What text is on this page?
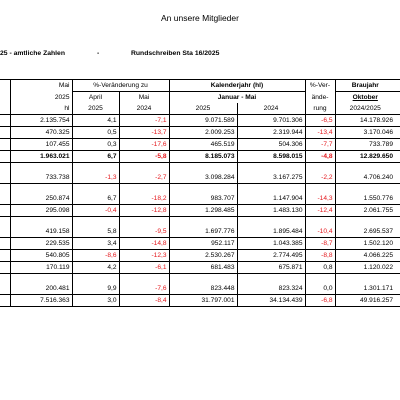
An unsere Mitglieder
25 - amtliche Zahlen	-	Rundschreiben Sta 16/2025
	Mai	%-Veränderung zu		Kalenderjahr (hl)		%-Ver-	Braujahr	
	2025	April	Mai	Januar - Mai		ände-	Oktober	
	hl	2025	2024	2025	2024	rung	2024/2025	
	2.135.754	4,1	-7,1	9.071.589	9.701.306	-6,5	14.178.926	
	470.325	0,5	-13,7	2.009.253	2.319.944	-13,4	3.170.046	
	107.455	0,3	-17,6	465.519	504.306	-7,7	733.789	
	1.963.021	6,7	-5,8	8.185.073	8.598.015	-4,8	12.829.650	

	733.738	-1,3	-2,7	3.098.284	3.167.275	-2,2	4.706.240	

	250.874	6,7	-18,2	983.707	1.147.904	-14,3	1.550.776	
	295.098	-0,4	-12,8	1.298.485	1.483.130	-12,4	2.061.755	

	419.158	5,8	-9,5	1.697.776	1.895.484	-10,4	2.695.537	
	229.535	3,4	-14,8	952.117	1.043.385	-8,7	1.502.120	
	540.805	-8,6	-12,3	2.530.267	2.774.495	-8,8	4.066.225	
	170.119	4,2	-6,1	681.483	675.871	0,8	1.120.022	

	200.481	9,9	-7,6	823.448	823.324	0,0	1.301.171	
	7.516.363	3,0	-8,4	31.797.001	34.134.439	-6,8	49.916.257	
